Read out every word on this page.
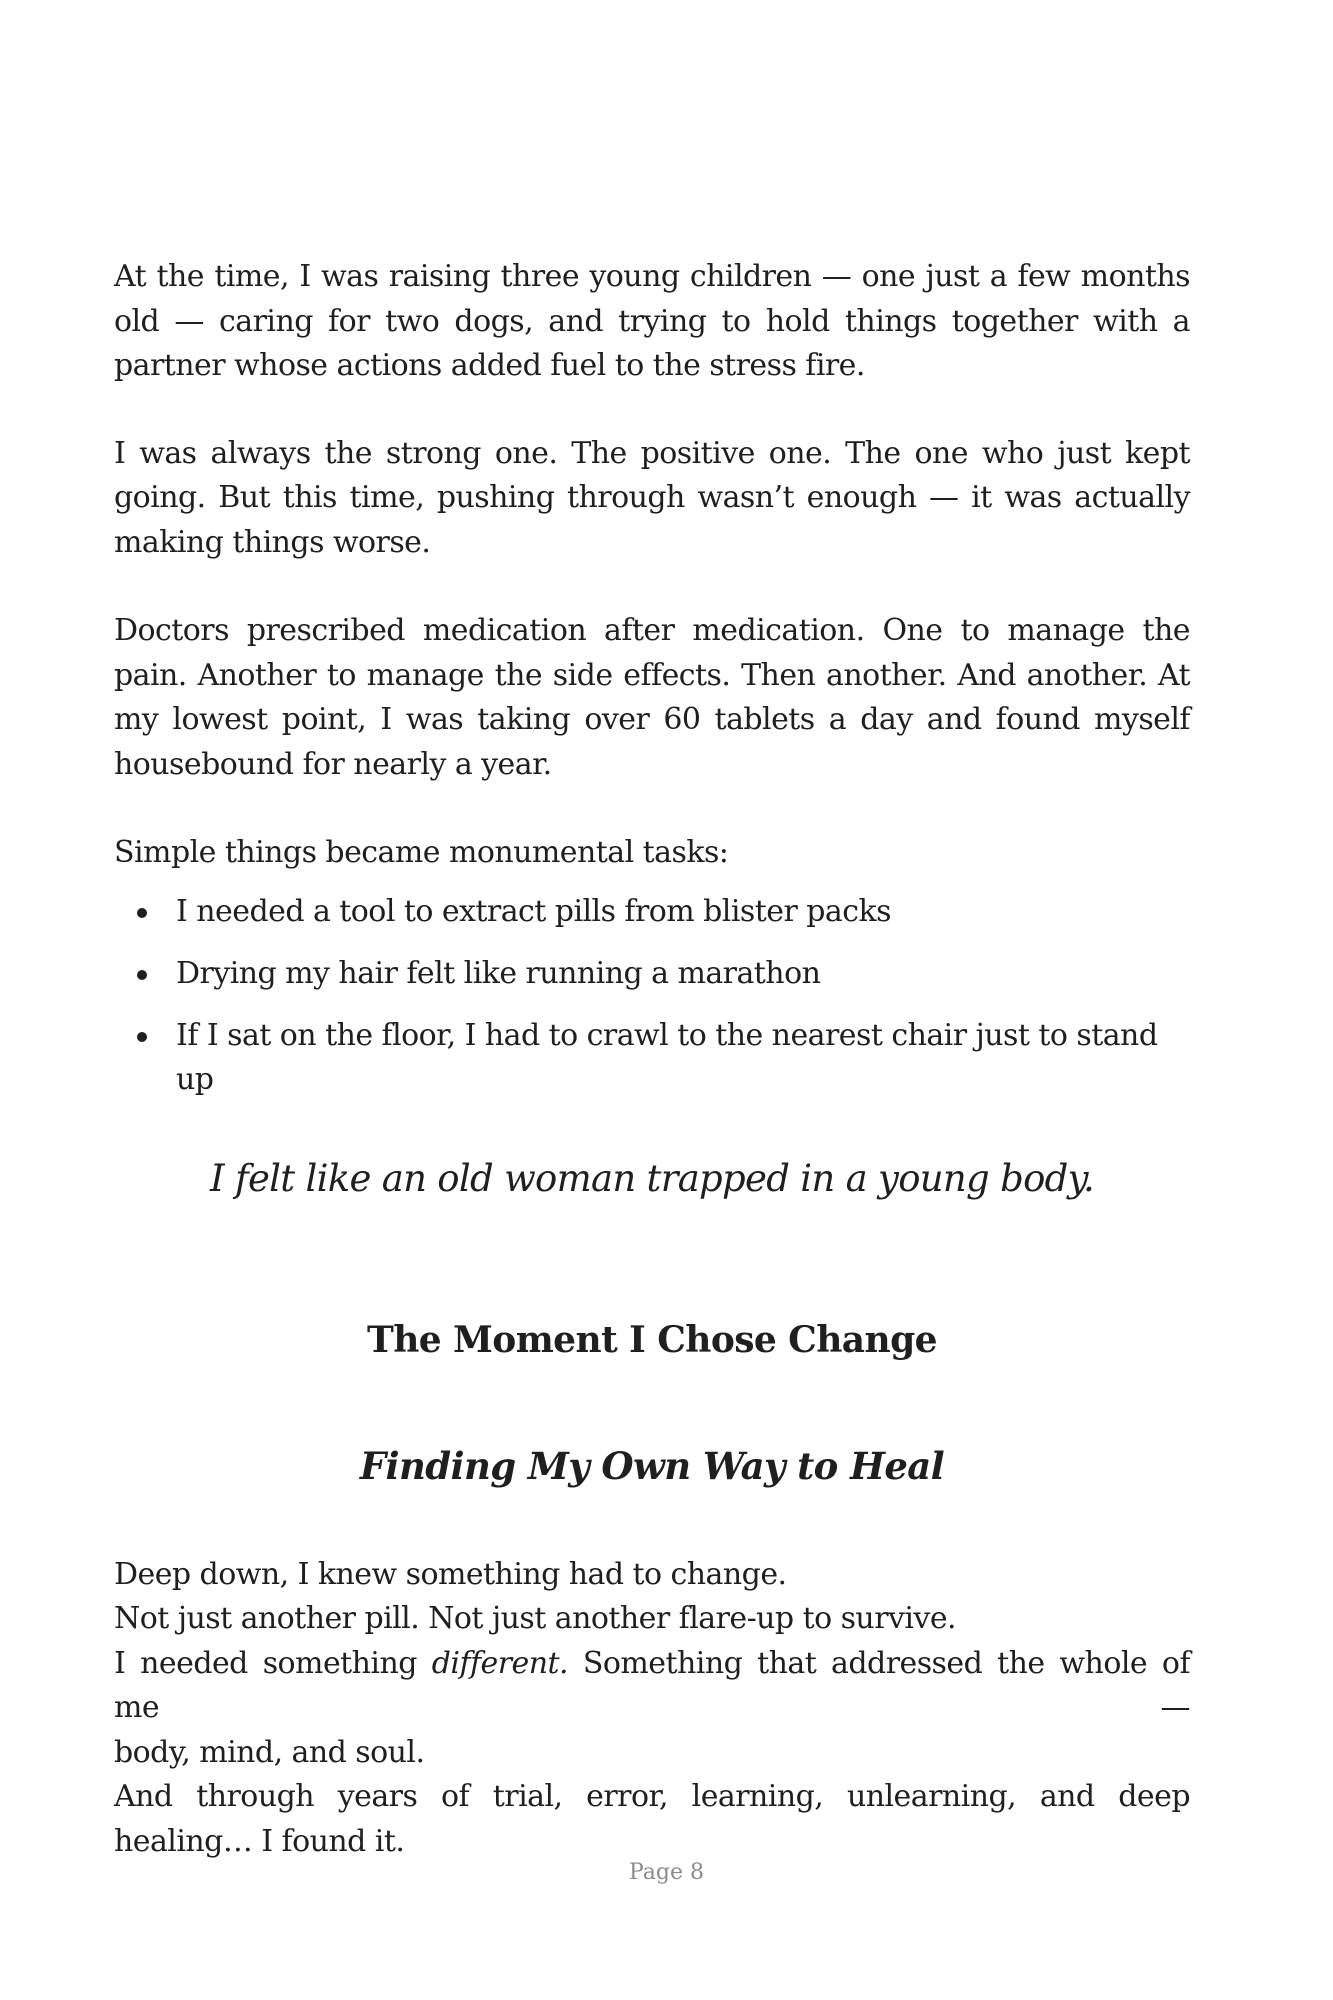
At the time, I was raising three young children — one just a few months old — caring for two dogs, and trying to hold things together with a partner whose actions added fuel to the stress fire.

I was always the strong one. The positive one. The one who just kept going. But this time, pushing through wasn’t enough — it was actually making things worse.

Doctors prescribed medication after medication. One to manage the pain. Another to manage the side effects. Then another. And another. At my lowest point, I was taking over 60 tablets a day and found myself housebound for nearly a year.

Simple things became monumental tasks:

I needed a tool to extract pills from blister packs
Drying my hair felt like running a marathon
If I sat on the floor, I had to crawl to the nearest chair just to stand up

I felt like an old woman trapped in a young body.

The Moment I Chose Change
Finding My Own Way to Heal

Deep down, I knew something had to change.
Not just another pill. Not just another flare-up to survive.
I needed something different. Something that addressed the whole of me —
body, mind, and soul.
And through years of trial, error, learning, unlearning, and deep healing… I found it.

Page 8
